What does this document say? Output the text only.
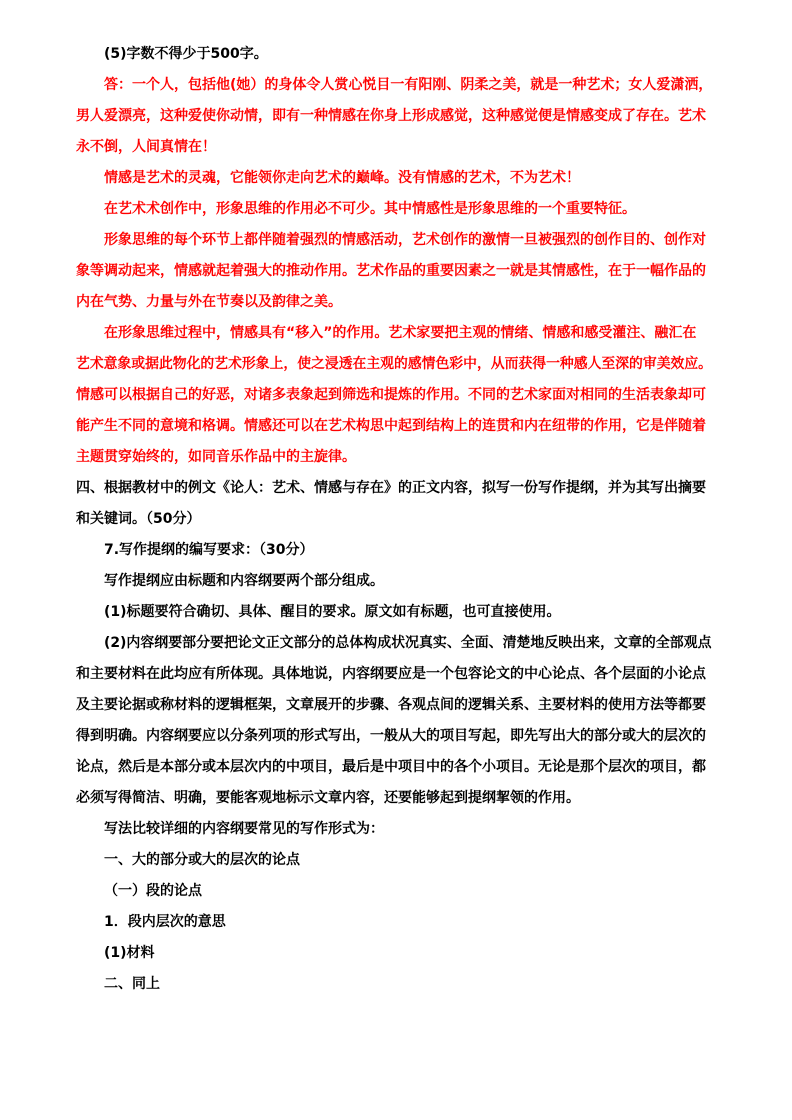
(5)字数不得少于500字。
答：一个人，包括他(她）的身体令人赏心悦目一有阳刚、阴柔之美，就是一种艺术；女人爱潇洒，
男人爱漂亮，这种爱使你动情，即有一种情感在你身上形成感觉，这种感觉便是情感变成了存在。艺术
永不倒，人间真情在！
情感是艺术的灵魂，它能领你走向艺术的巅峰。没有情感的艺术，不为艺术！
在艺术术创作中，形象思维的作用必不可少。其中情感性是形象思维的一个重要特征。
形象思维的每个环节上都伴随着强烈的情感活动，艺术创作的激情一旦被强烈的创作目的、创作对
象等调动起来，情感就起着强大的推动作用。艺术作品的重要因素之一就是其情感性，在于一幅作品的
内在气势、力量与外在节奏以及韵律之美。
在形象思维过程中，情感具有“移入”的作用。艺术家要把主观的情绪、情感和感受灌注、融汇在
艺术意象或据此物化的艺术形象上，使之浸透在主观的感情色彩中，从而获得一种感人至深的审美效应。
情感可以根据自己的好恶，对诸多表象起到筛选和提炼的作用。不同的艺术家面对相同的生活表象却可
能产生不同的意境和格调。情感还可以在艺术构思中起到结构上的连贯和内在纽带的作用，它是伴随着
主题贯穿始终的，如同音乐作品中的主旋律。
四、根据教材中的例文《论人：艺术、情感与存在》的正文内容，拟写一份写作提纲，并为其写出摘要
和关键词。（50分）
7.写作提纲的编写要求：（30分）
写作提纲应由标题和内容纲要两个部分组成。
(1)标题要符合确切、具体、醒目的要求。原文如有标题，也可直接使用。
(2)内容纲要部分要把论文正文部分的总体构成状况真实、全面、清楚地反映出来，文章的全部观点
和主要材料在此均应有所体现。具体地说，内容纲要应是一个包容论文的中心论点、各个层面的小论点
及主要论据或称材料的逻辑框架，文章展开的步骤、各观点间的逻辑关系、主要材料的使用方法等都要
得到明确。内容纲要应以分条列项的形式写出，一般从大的项目写起，即先写出大的部分或大的层次的
论点，然后是本部分或本层次内的中项目，最后是中项目中的各个小项目。无论是那个层次的项目，都
必须写得简洁、明确，要能客观地标示文章内容，还要能够起到提纲挈领的作用。
写法比较详细的内容纲要常见的写作形式为：
一、大的部分或大的层次的论点
（一）段的论点
1．段内层次的意思
(1)材料
二、同上
